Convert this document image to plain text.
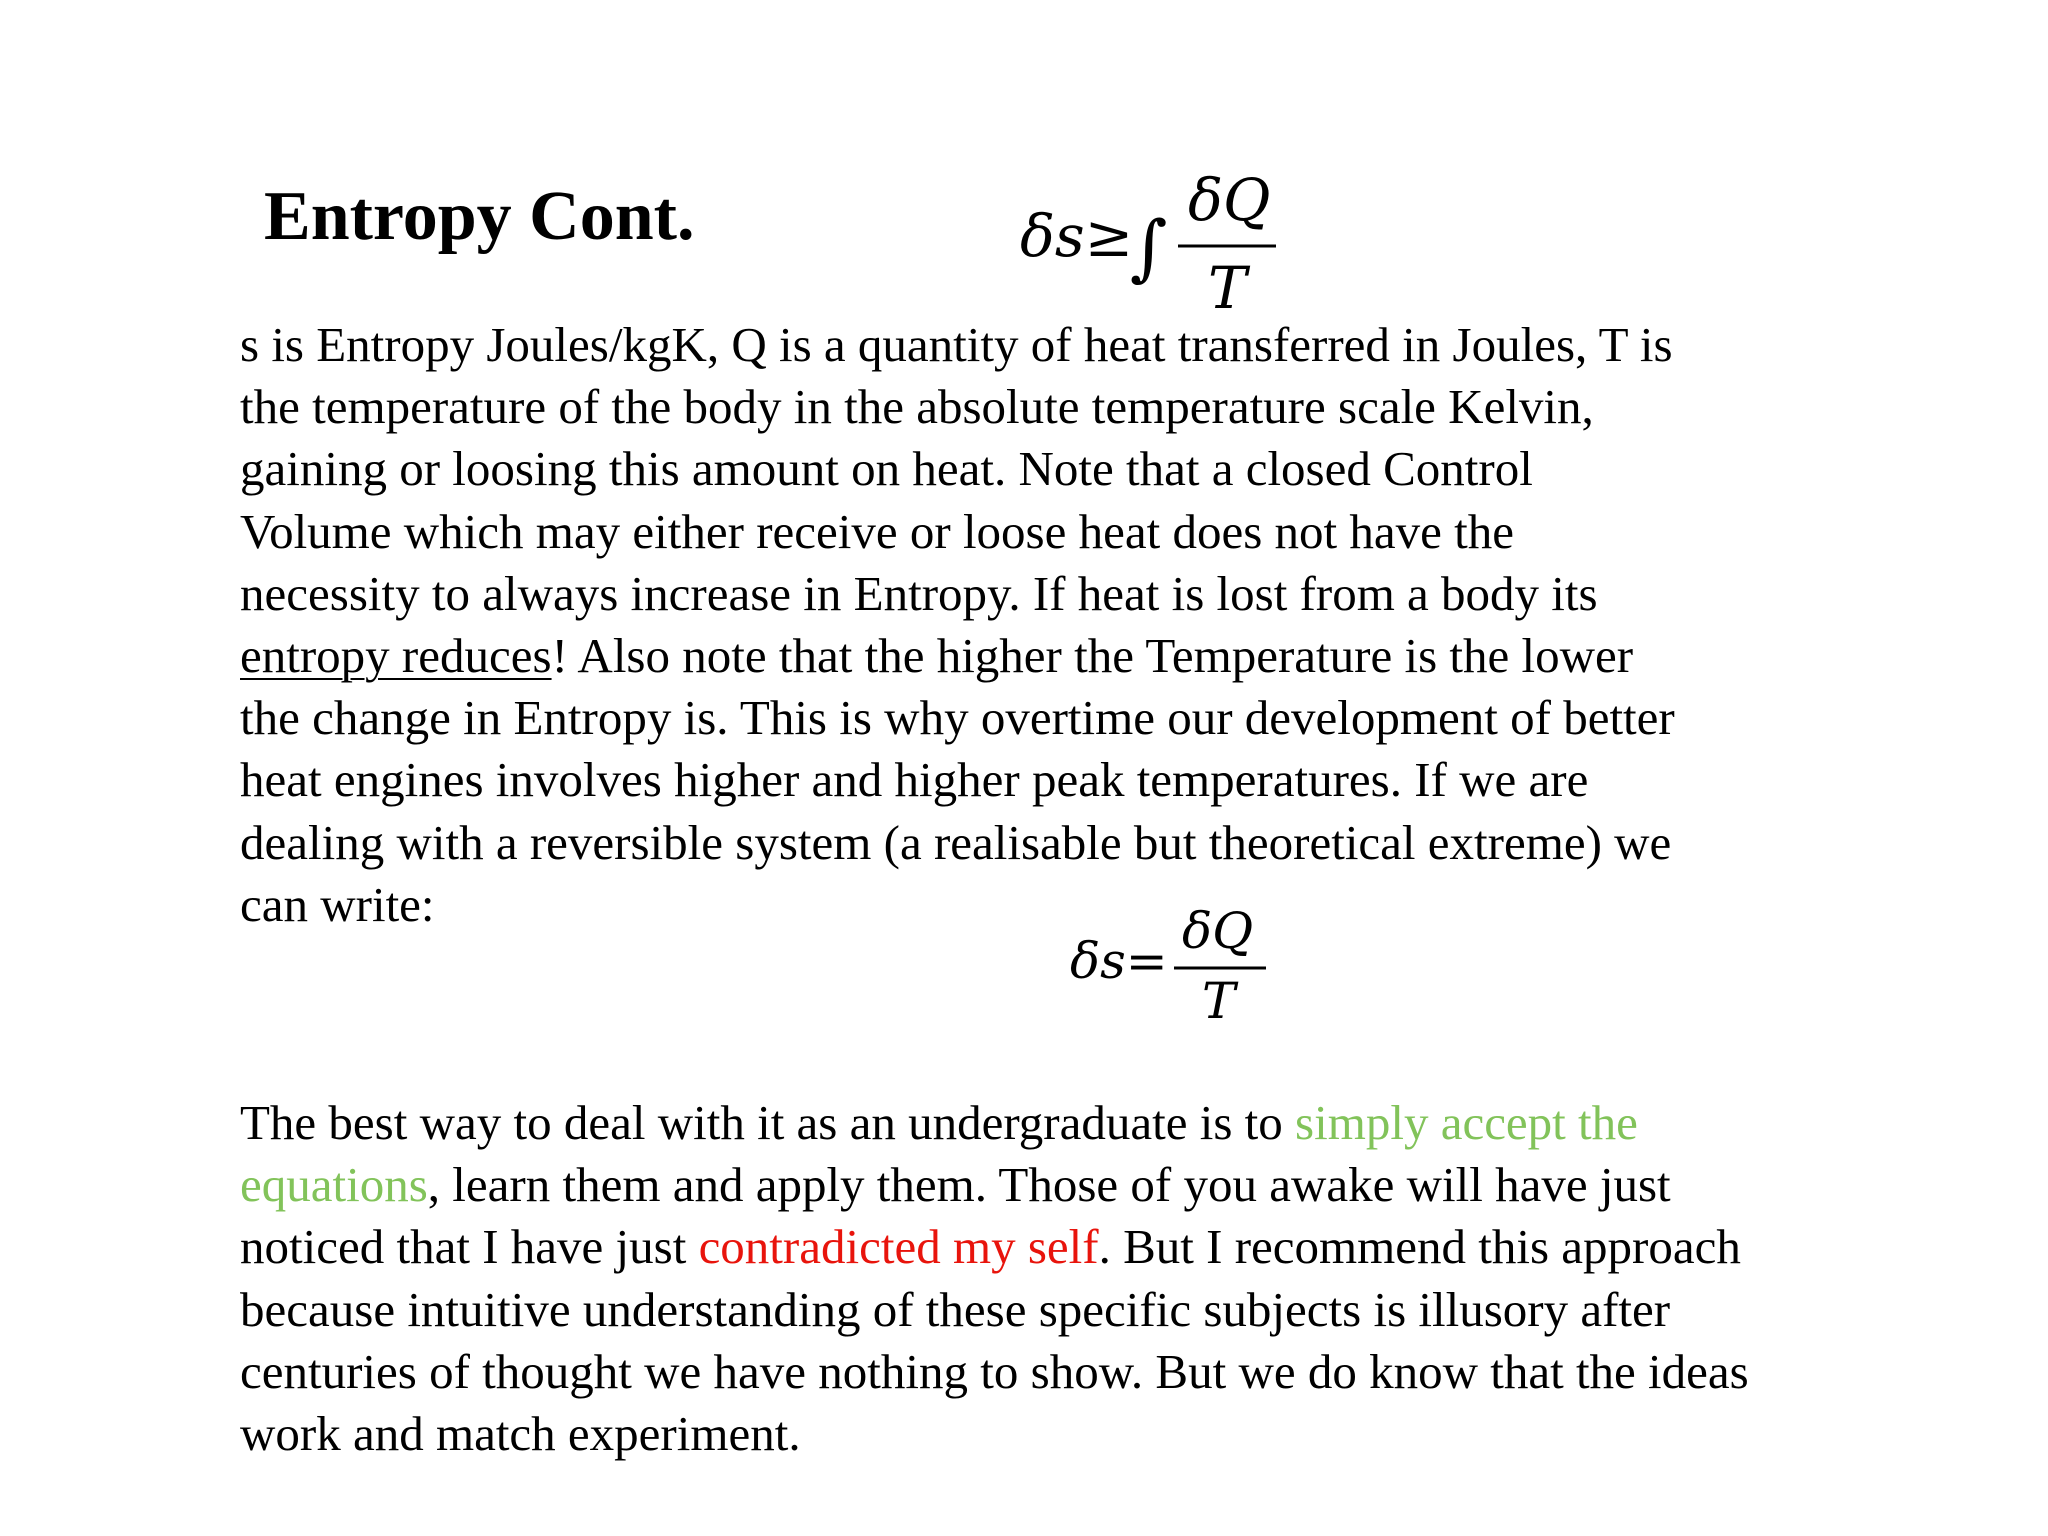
Entropy Cont.	δs≥
∫
δQ
T
s is Entropy Joules/kgK, Q is a quantity of heat transferred in Joules, T is
the temperature of the body in the absolute temperature scale Kelvin,
gaining or loosing this amount on heat. Note that a closed Control
Volume which may either receive or loose heat does not have the
necessity to always increase in Entropy. If heat is lost from a body its
entropy reduces! Also note that the higher the Temperature is the lower
the change in Entropy is. This is why overtime our development of better
heat engines involves higher and higher peak temperatures. If we are
dealing with a reversible system (a realisable but theoretical extreme) we
can write:
δs=
δQ
T
The best way to deal with it as an undergraduate is to simply accept the
equations, learn them and apply them. Those of you awake will have just
noticed that I have just contradicted my self. But I recommend this approach
because intuitive understanding of these specific subjects is illusory after
centuries of thought we have nothing to show. But we do know that the ideas
work and match experiment.
